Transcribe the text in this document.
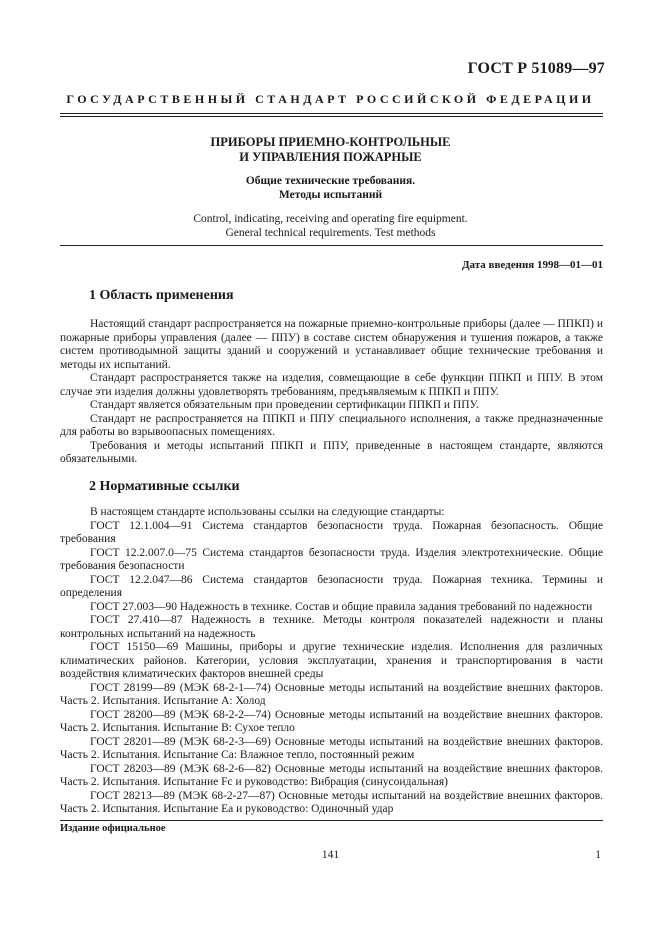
ГОСТ Р 51089—97
ГОСУДАРСТВЕННЫЙ СТАНДАРТ РОССИЙСКОЙ ФЕДЕРАЦИИ
ПРИБОРЫ ПРИЕМНО-КОНТРОЛЬНЫЕ
И УПРАВЛЕНИЯ ПОЖАРНЫЕ
Общие технические требования.
Методы испытаний
Control, indicating, receiving and operating fire equipment.
General technical requirements. Test methods
Дата введения 1998—01—01
1 Область применения

Настоящий стандарт распространяется на пожарные приемно-контрольные приборы (далее — ППКП) и пожарные приборы управления (далее — ППУ) в составе систем обнаружения и тушения пожаров, а также систем противодымной защиты зданий и сооружений и устанавливает общие технические требования и методы их испытаний.

Стандарт распространяется также на изделия, совмещающие в себе функции ППКП и ППУ. В этом случае эти изделия должны удовлетворять требованиям, предъявляемым к ППКП и ППУ.

Стандарт является обязательным при проведении сертификации ППКП и ППУ.

Стандарт не распространяется на ППКП и ППУ специального исполнения, а также предназначенные для работы во взрывоопасных помещениях.

Требования и методы испытаний ППКП и ППУ, приведенные в настоящем стандарте, являются обязательными.

2 Нормативные ссылки

В настоящем стандарте использованы ссылки на следующие стандарты:

ГОСТ 12.1.004—91 Система стандартов безопасности труда. Пожарная безопасность. Общие требования

ГОСТ 12.2.007.0—75 Система стандартов безопасности труда. Изделия электротехнические. Общие требования безопасности

ГОСТ 12.2.047—86 Система стандартов безопасности труда. Пожарная техника. Термины и определения

ГОСТ 27.003—90 Надежность в технике. Состав и общие правила задания требований по надежности

ГОСТ 27.410—87 Надежность в технике. Методы контроля показателей надежности и планы контрольных испытаний на надежность

ГОСТ 15150—69 Машины, приборы и другие технические изделия. Исполнения для различных климатических районов. Категории, условия эксплуатации, хранения и транспортирования в части воздействия климатических факторов внешней среды

ГОСТ 28199—89 (МЭК 68-2-1—74) Основные методы испытаний на воздействие внешних факторов. Часть 2. Испытания. Испытание А: Холод

ГОСТ 28200—89 (МЭК 68-2-2—74) Основные методы испытаний на воздействие внешних факторов. Часть 2. Испытания. Испытание В: Сухое тепло

ГОСТ 28201—89 (МЭК 68-2-3—69) Основные методы испытаний на воздействие внешних факторов. Часть 2. Испытания. Испытание Са: Влажное тепло, постоянный режим

ГОСТ 28203—89 (МЭК 68-2-6—82) Основные методы испытаний на воздействие внешних факторов. Часть 2. Испытания. Испытание Fc и руководство: Вибрация (синусоидальная)

ГОСТ 28213—89 (МЭК 68-2-27—87) Основные методы испытаний на воздействие внешних факторов. Часть 2. Испытания. Испытание Еа и руководство: Одиночный удар

Издание официальное
141	1
